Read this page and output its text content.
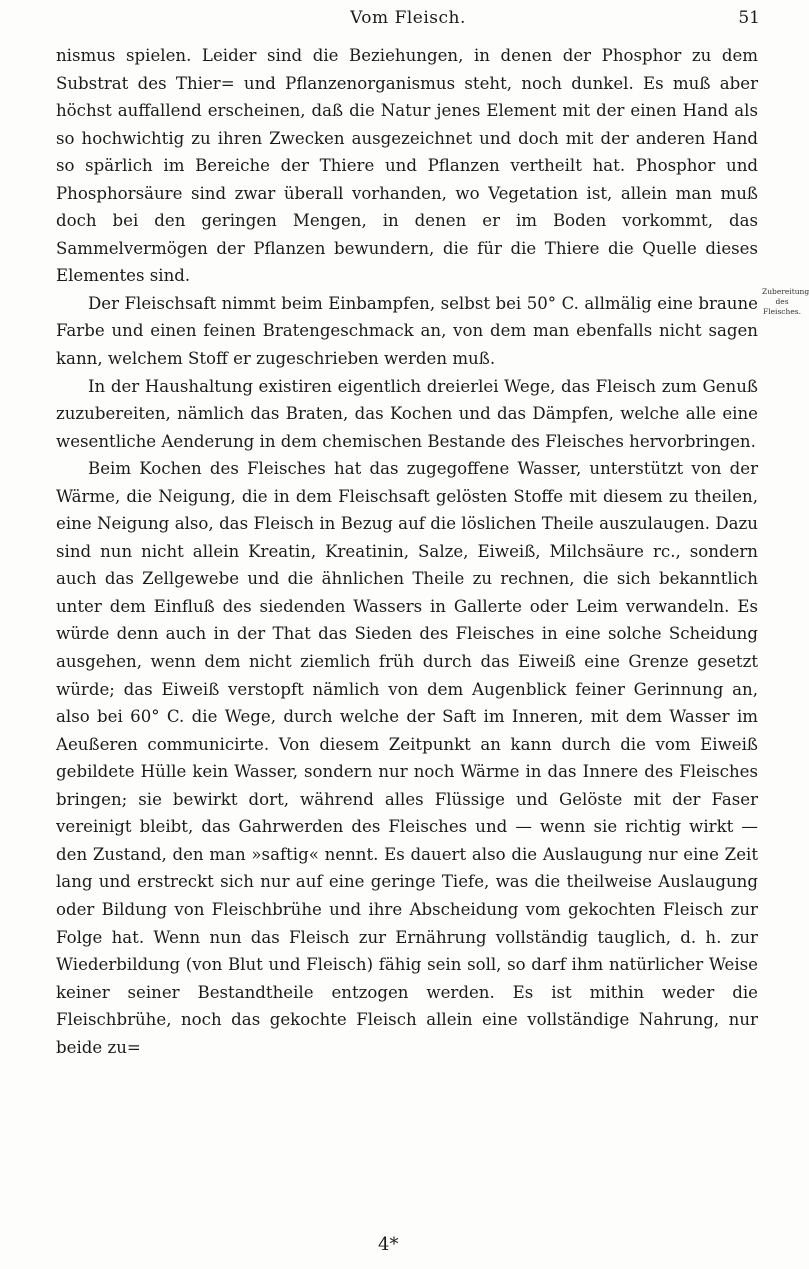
Vom Fleisch.	51

nismus spielen. Leider sind die Beziehungen, in denen der Phosphor zu dem Substrat des Thier= und Pflanzenorganismus steht, noch dunkel. Es muß aber höchst auffallend erscheinen, daß die Natur jenes Element mit der einen Hand als so hochwichtig zu ihren Zwecken ausgezeichnet und doch mit der anderen Hand so spärlich im Bereiche der Thiere und Pflanzen vertheilt hat. Phosphor und Phosphorsäure sind zwar überall vorhanden, wo Vegetation ist, allein man muß doch bei den geringen Mengen, in denen er im Boden vorkommt, das Sammelvermögen der Pflanzen bewundern, die für die Thiere die Quelle dieses Elementes sind.

Der Fleischsaft nimmt beim Einbampfen, selbst bei 50° C. allmälig eine braune Farbe und einen feinen Bratengeschmack an, von dem man ebenfalls nicht sagen kann, welchem Stoff er zugeschrieben werden muß.

In der Haushaltung existiren eigentlich dreierlei Wege, das Fleisch zum Genuß zuzubereiten, nämlich das Braten, das Kochen und das Dämpfen, welche alle eine wesentliche Aenderung in dem chemischen Bestande des Fleisches hervorbringen.

Beim Kochen des Fleisches hat das zugegoffene Wasser, unterstützt von der Wärme, die Neigung, die in dem Fleischsaft gelösten Stoffe mit diesem zu theilen, eine Neigung also, das Fleisch in Bezug auf die löslichen Theile auszulaugen. Dazu sind nun nicht allein Kreatin, Kreatinin, Salze, Eiweiß, Milchsäure rc., sondern auch das Zellgewebe und die ähnlichen Theile zu rechnen, die sich bekanntlich unter dem Einfluß des siedenden Wassers in Gallerte oder Leim verwandeln. Es würde denn auch in der That das Sieden des Fleisches in eine solche Scheidung ausgehen, wenn dem nicht ziemlich früh durch das Eiweiß eine Grenze gesetzt würde; das Eiweiß verstopft nämlich von dem Augenblick feiner Gerinnung an, also bei 60° C. die Wege, durch welche der Saft im Inneren, mit dem Wasser im Aeußeren communicirte. Von diesem Zeitpunkt an kann durch die vom Eiweiß gebildete Hülle kein Wasser, sondern nur noch Wärme in das Innere des Fleisches bringen; sie bewirkt dort, während alles Flüssige und Gelöste mit der Faser vereinigt bleibt, das Gahrwerden des Fleisches und — wenn sie richtig wirkt — den Zustand, den man »saftig« nennt. Es dauert also die Auslaugung nur eine Zeit lang und erstreckt sich nur auf eine geringe Tiefe, was die theilweise Auslaugung oder Bildung von Fleischbrühe und ihre Abscheidung vom gekochten Fleisch zur Folge hat. Wenn nun das Fleisch zur Ernährung vollständig tauglich, d. h. zur Wiederbildung (von Blut und Fleisch) fähig sein soll, so darf ihm natürlicher Weise keiner seiner Bestandtheile entzogen werden. Es ist mithin weder die Fleischbrühe, noch das gekochte Fleisch allein eine vollständige Nahrung, nur beide zu=

Zubereitung des Fleisches.
4*
